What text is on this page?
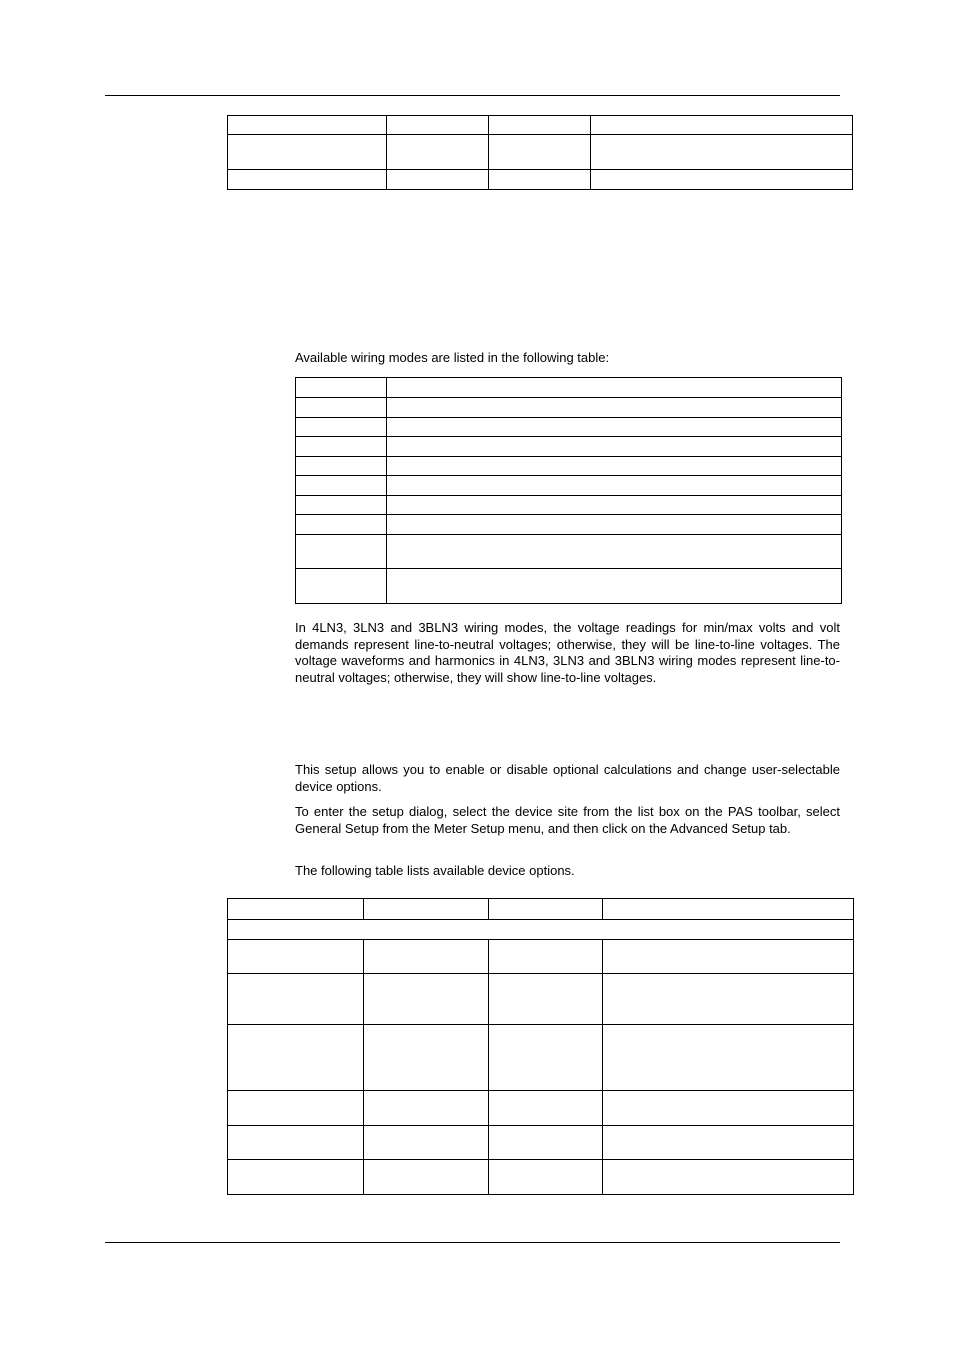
Available wiring modes are listed in the following table:

In 4LN3, 3LN3 and 3BLN3 wiring modes, the voltage readings for min/max volts and volt demands represent line-to-neutral voltages; otherwise, they will be line-to-line voltages. The voltage waveforms and harmonics in 4LN3, 3LN3 and 3BLN3 wiring modes represent line-to-neutral voltages; otherwise, they will show line-to-line voltages.

This setup allows you to enable or disable optional calculations and change user-selectable device options.

To enter the setup dialog, select the device site from the list box on the PAS toolbar, select General Setup from the Meter Setup menu, and then click on the Advanced Setup tab.

The following table lists available device options.
